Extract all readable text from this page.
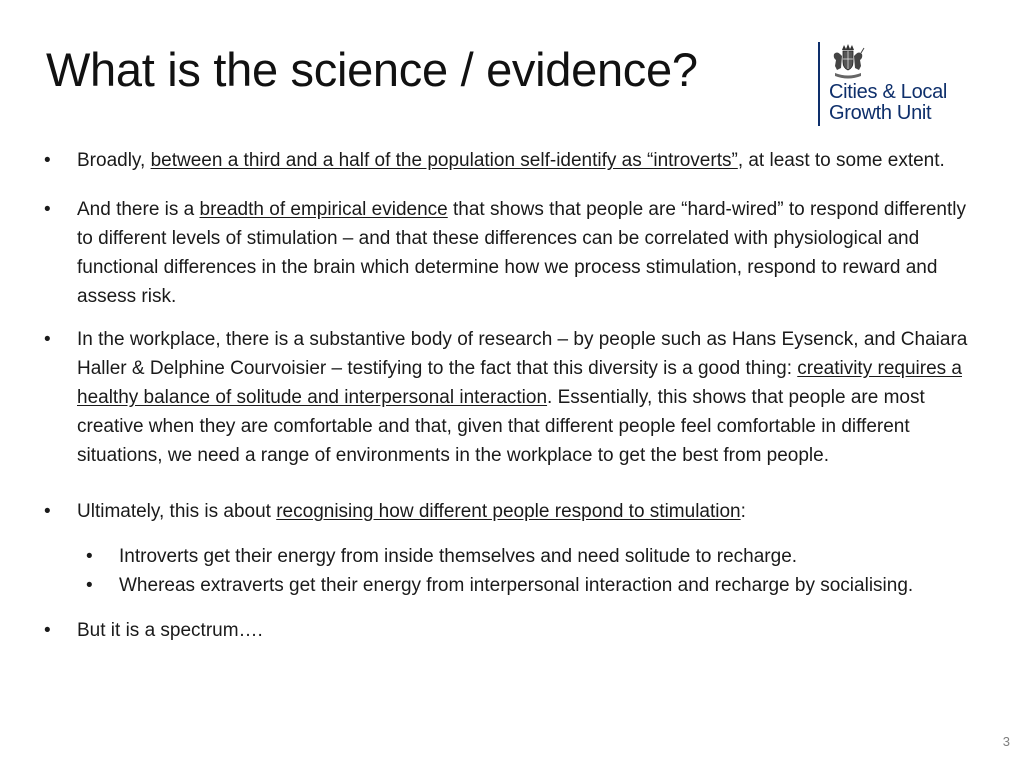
What is the science / evidence?	Cities & Local
Growth Unit
•	Broadly, between a third and a half of the population self-identify as “introverts”, at least to some extent.
•	And there is a breadth of empirical evidence that shows that people are “hard-wired” to respond differently to different levels of stimulation – and that these differences can be correlated with physiological and functional differences in the brain which determine how we process stimulation, respond to reward and assess risk.
•	In the workplace, there is a substantive body of research – by people such as Hans Eysenck, and Chaiara Haller & Delphine Courvoisier – testifying to the fact that this diversity is a good thing: creativity requires a healthy balance of solitude and interpersonal interaction. Essentially, this shows that people are most creative when they are comfortable and that, given that different people feel comfortable in different situations, we need a range of environments in the workplace to get the best from people.
•	Ultimately, this is about recognising how different people respond to stimulation:
•	Introverts get their energy from inside themselves and need solitude to recharge.
•	Whereas extraverts get their energy from interpersonal interaction and recharge by socialising.
•	But it is a spectrum….
3
